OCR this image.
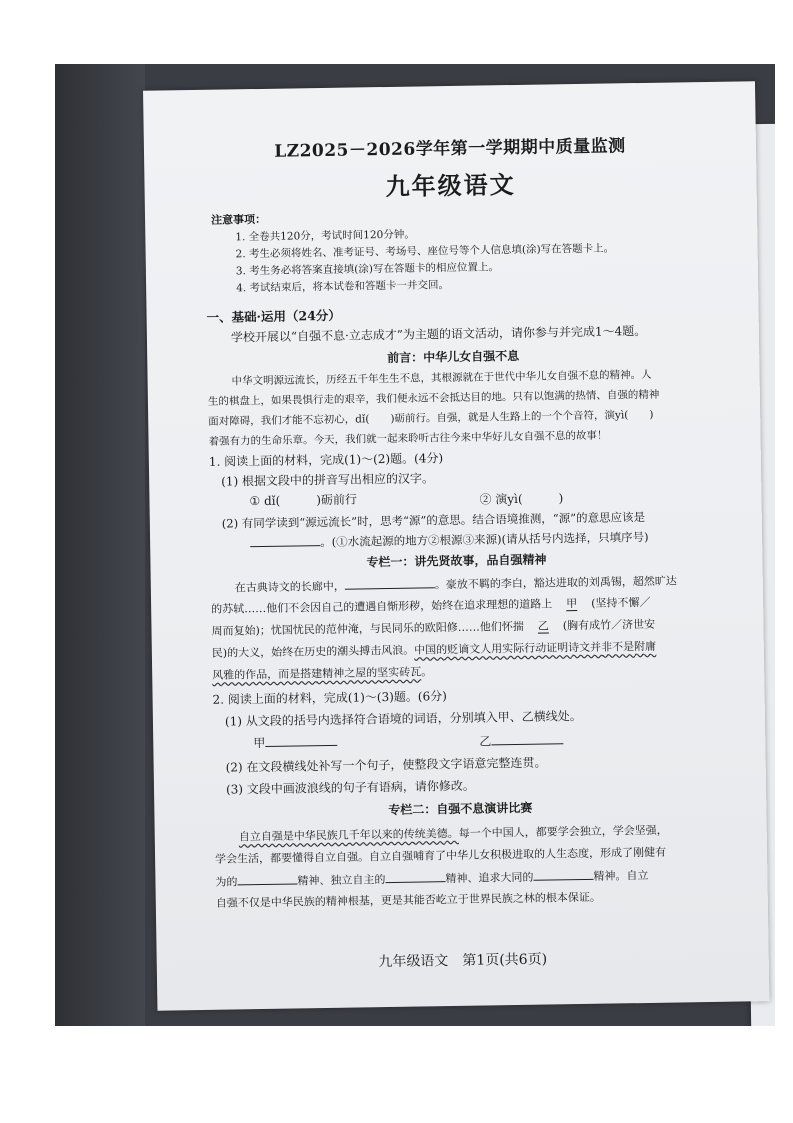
LZ2025－2026学年第一学期期中质量监测
九年级语文
注意事项：
1. 全卷共120分，考试时间120分钟。
2. 考生必须将姓名、准考证号、考场号、座位号等个人信息填(涂)写在答题卡上。
3. 考生务必将答案直接填(涂)写在答题卡的相应位置上。
4. 考试结束后，将本试卷和答题卡一并交回。
一、基础·运用（24分）
学校开展以“自强不息·立志成才”为主题的语文活动，请你参与并完成1～4题。
前言：中华儿女自强不息
中华文明源远流长，历经五千年生生不息，其根源就在于世代中华儿女自强不息的精神。人
生的棋盘上，如果畏惧行走的艰辛，我们便永远不会抵达目的地。只有以饱满的热情、自强的精神
面对障碍，我们才能不忘初心，dǐ(　　)砺前行。自强，就是人生路上的一个个音符，演yì(　　)
着强有力的生命乐章。今天，我们就一起来聆听古往今来中华好儿女自强不息的故事！
1. 阅读上面的材料，完成(1)～(2)题。(4分)
(1) 根据文段中的拼音写出相应的汉字。
① dǐ(　　　)砺前行	② 演yì(　　　)
(2) 有同学读到“源远流长”时，思考“源”的意思。结合语境推测，“源”的意思应该是
。(①水流起源的地方②根源③来源)(请从括号内选择，只填序号)
专栏一：讲先贤故事，品自强精神
在古典诗文的长廊中，	。豪放不羁的李白，豁达进取的刘禹锡，超然旷达
的苏轼……他们不会因自己的遭遇自惭形秽，始终在追求理想的道路上 甲 (坚持不懈／
周而复始)；忧国忧民的范仲淹，与民同乐的欧阳修……他们怀揣 乙 (胸有成竹／济世安
民)的大义，始终在历史的潮头搏击风浪。中国的贬谪文人用实际行动证明诗文并非不是附庸
风雅的作品，而是搭建精神之屋的坚实砖瓦。
2. 阅读上面的材料，完成(1)～(3)题。(6分)
(1) 从文段的括号内选择符合语境的词语，分别填入甲、乙横线处。
甲	乙
(2) 在文段横线处补写一个句子，使整段文字语意完整连贯。
(3) 文段中画波浪线的句子有语病，请你修改。
专栏二：自强不息演讲比赛
自立自强是中华民族几千年以来的传统美德。每一个中国人，都要学会独立，学会坚强，
学会生活，都要懂得自立自强。自立自强哺育了中华儿女积极进取的人生态度，形成了刚健有
为的	精神、独立自主的	精神、追求大同的	精神。自立
自强不仅是中华民族的精神根基，更是其能否屹立于世界民族之林的根本保证。
九年级语文　第1页(共6页)
